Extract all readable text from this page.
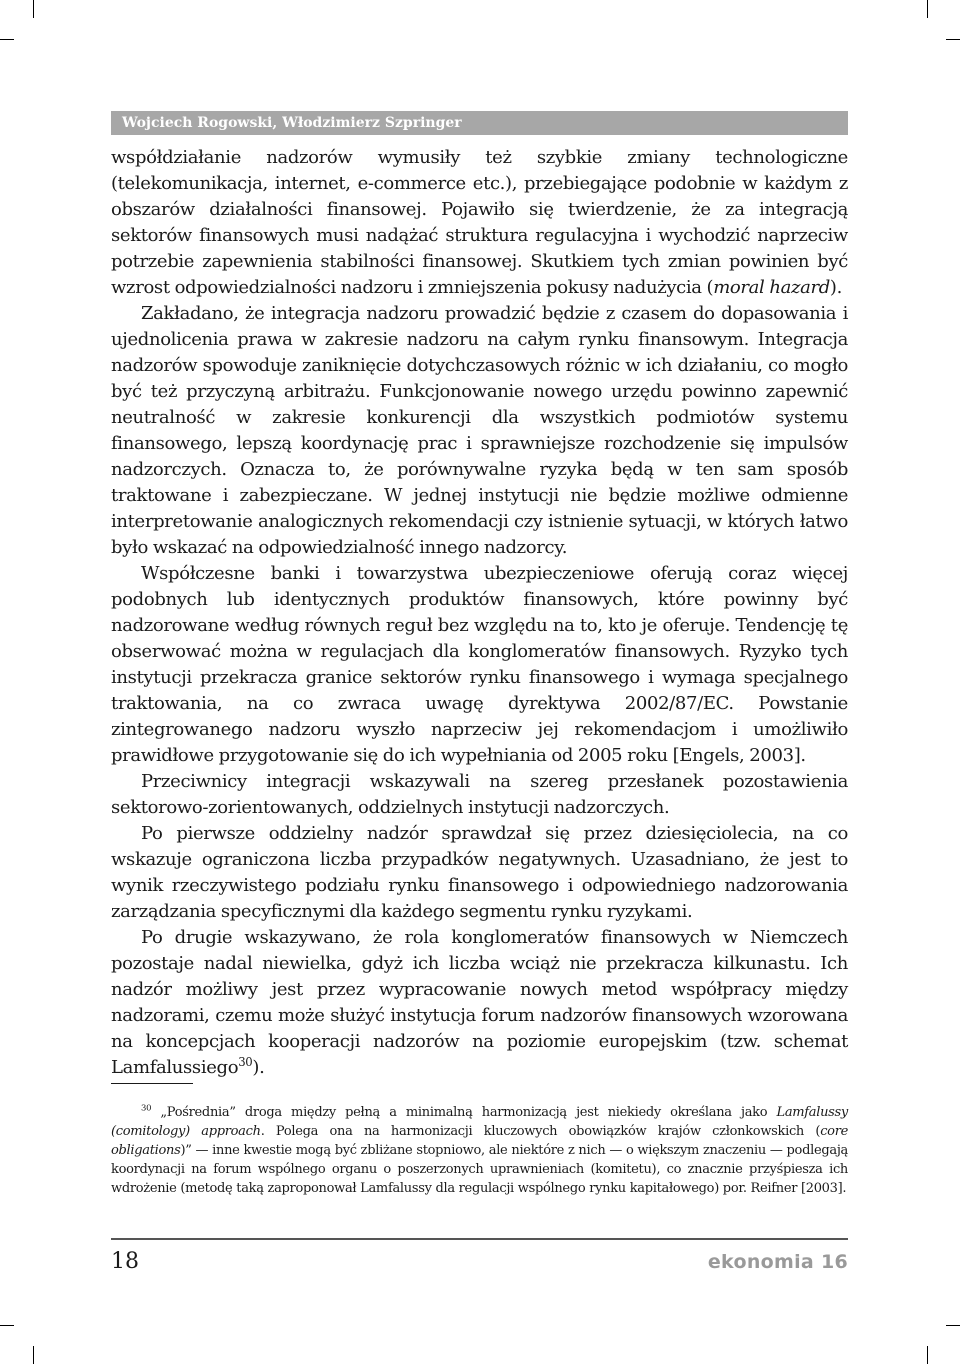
Wojciech Rogowski, Włodzimierz Szpringer

współdziałanie nadzorów wymusiły też szybkie zmiany technologiczne (telekomunikacja, internet, e-commerce etc.), przebiegające podobnie w każdym z obszarów działalności finansowej. Pojawiło się twierdzenie, że za integracją sektorów finansowych musi nadążać struktura regulacyjna i wychodzić naprzeciw potrzebie zapewnienia stabilności finansowej. Skutkiem tych zmian powinien być wzrost odpowiedzialności nadzoru i zmniejszenia pokusy nadużycia (moral hazard).

Zakładano, że integracja nadzoru prowadzić będzie z czasem do dopasowania i ujednolicenia prawa w zakresie nadzoru na całym rynku finansowym. Integracja nadzorów spowoduje zaniknięcie dotychczasowych różnic w ich działaniu, co mogło być też przyczyną arbitrażu. Funkcjonowanie nowego urzędu powinno zapewnić neutralność w zakresie konkurencji dla wszystkich podmiotów systemu finansowego, lepszą koordynację prac i sprawniejsze rozchodzenie się impulsów nadzorczych. Oznacza to, że porównywalne ryzyka będą w ten sam sposób traktowane i zabezpieczane. W jednej instytucji nie będzie możliwe odmienne interpretowanie analogicznych rekomendacji czy istnienie sytuacji, w których łatwo było wskazać na odpowiedzialność innego nadzorcy.

Współczesne banki i towarzystwa ubezpieczeniowe oferują coraz więcej podobnych lub identycznych produktów finansowych, które powinny być nadzorowane według równych reguł bez względu na to, kto je oferuje. Tendencję tę obserwować można w regulacjach dla konglomeratów finansowych. Ryzyko tych instytucji przekracza granice sektorów rynku finansowego i wymaga specjalnego traktowania, na co zwraca uwagę dyrektywa 2002/87/EC. Powstanie zintegrowanego nadzoru wyszło naprzeciw jej rekomendacjom i umożliwiło prawidłowe przygotowanie się do ich wypełniania od 2005 roku [Engels, 2003].

Przeciwnicy integracji wskazywali na szereg przesłanek pozostawienia sektorowo-zorientowanych, oddzielnych instytucji nadzorczych.

Po pierwsze oddzielny nadzór sprawdzał się przez dziesięciolecia, na co wskazuje ograniczona liczba przypadków negatywnych. Uzasadniano, że jest to wynik rzeczywistego podziału rynku finansowego i odpowiedniego nadzorowania zarządzania specyficznymi dla każdego segmentu rynku ryzykami.

Po drugie wskazywano, że rola konglomeratów finansowych w Niemczech pozostaje nadal niewielka, gdyż ich liczba wciąż nie przekracza kilkunastu. Ich nadzór możliwy jest przez wypracowanie nowych metod współpracy między nadzorami, czemu może służyć instytucja forum nadzorów finansowych wzorowana na koncepcjach kooperacji nadzorów na poziomie europejskim (tzw. schemat Lamfalussiego$^{30}$).

$^{30}$ „Pośrednia” droga między pełną a minimalną harmonizacją jest niekiedy określana jako Lamfalussy (comitology) approach. Polega ona na harmonizacji kluczowych obowiązków krajów członkowskich (core obligations)” — inne kwestie mogą być zbliżane stopniowo, ale niektóre z nich — o większym znaczeniu — podlegają koordynacji na forum wspólnego organu o poszerzonych uprawnieniach (komitetu), co znacznie przyśpiesza ich wdrożenie (metodę taką zaproponował Lamfalussy dla regulacji wspólnego rynku kapitałowego) por. Reifner [2003].

18	ekonomia 16
